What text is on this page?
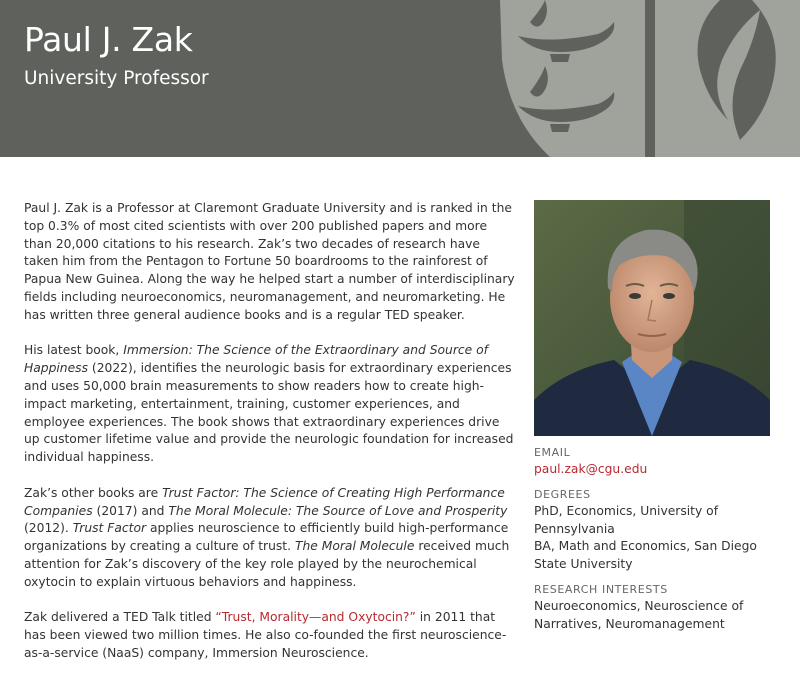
Paul J. Zak
University Professor

Paul J. Zak is a Professor at Claremont Graduate University and is ranked in the top 0.3% of most cited scientists with over 200 published papers and more than 20,000 citations to his research. Zak’s two decades of research have taken him from the Pentagon to Fortune 50 boardrooms to the rainforest of Papua New Guinea. Along the way he helped start a number of interdisciplinary fields including neuroeconomics, neuromanagement, and neuromarketing. He has written three general audience books and is a regular TED speaker.

His latest book, Immersion: The Science of the Extraordinary and Source of Happiness (2022), identifies the neurologic basis for extraordinary experiences and uses 50,000 brain measurements to show readers how to create high-impact marketing, entertainment, training, customer experiences, and employee experiences. The book shows that extraordinary experiences drive up customer lifetime value and provide the neurologic foundation for increased individual happiness.

Zak’s other books are Trust Factor: The Science of Creating High Performance Companies (2017) and The Moral Molecule: The Source of Love and Prosperity (2012). Trust Factor applies neuroscience to efficiently build high-performance organizations by creating a culture of trust. The Moral Molecule received much attention for Zak’s discovery of the key role played by the neurochemical oxytocin to explain virtuous behaviors and happiness.

Zak delivered a TED Talk titled “Trust, Morality—and Oxytocin?” in 2011 that has been viewed two million times. He also co-founded the first neuroscience-as-a-service (NaaS) company, Immersion Neuroscience.

EMAIL
paul.zak@cgu.edu
DEGREES
PhD, Economics, University of Pennsylvania
BA, Math and Economics, San Diego State University
RESEARCH INTERESTS
Neuroeconomics, Neuroscience of Narratives, Neuromanagement
